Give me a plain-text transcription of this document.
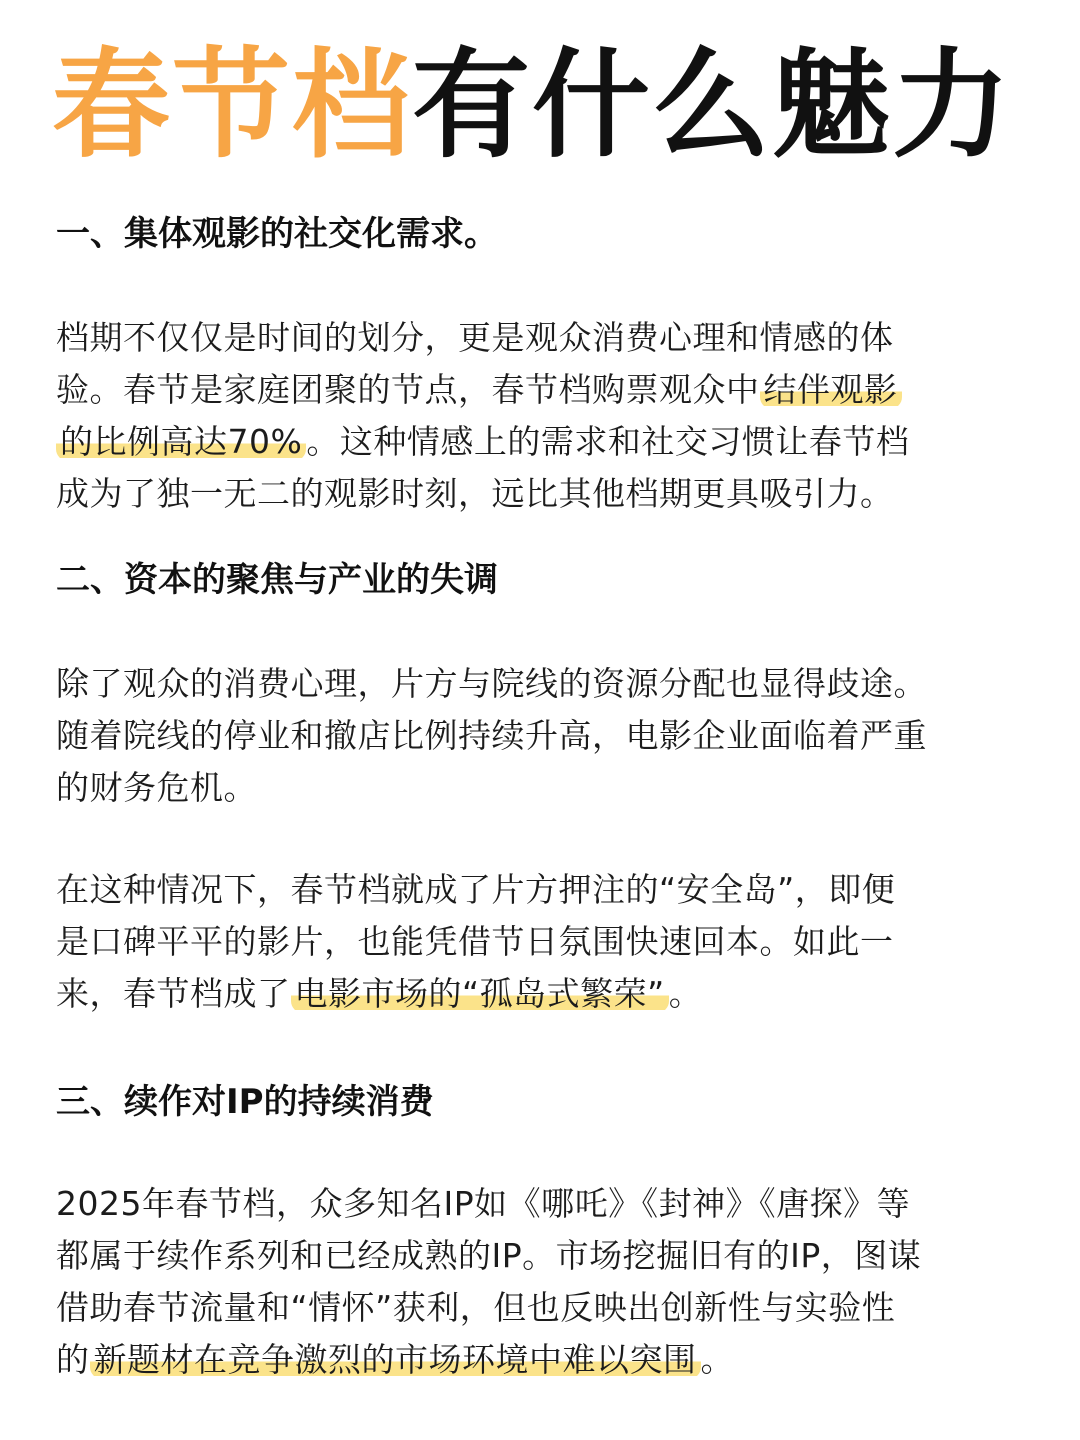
春节档有什么魅力
一、集体观影的社交化需求。
档期不仅仅是时间的划分，更是观众消费心理和情感的体
验。春节是家庭团聚的节点，春节档购票观众中 结伴观影
的比例高达70% 。这种情感上的需求和社交习惯让春节档
成为了独一无二的观影时刻，远比其他档期更具吸引力。
二、资本的聚焦与产业的失调
除了观众的消费心理，片方与院线的资源分配也显得歧途。
随着院线的停业和撤店比例持续升高，电影企业面临着严重
的财务危机。
在这种情况下，春节档就成了片方押注的“安全岛”，即便
是口碑平平的影片，也能凭借节日氛围快速回本。如此一
来，春节档成了 电影市场的“孤岛式繁荣” 。
三、续作对IP的持续消费
2025年春节档，众多知名IP如《哪吒》《封神》《唐探》等
都属于续作系列和已经成熟的IP。市场挖掘旧有的IP，图谋
借助春节流量和“情怀”获利，但也反映出创新性与实验性
的 新题材在竞争激烈的市场环境中难以突围 。
